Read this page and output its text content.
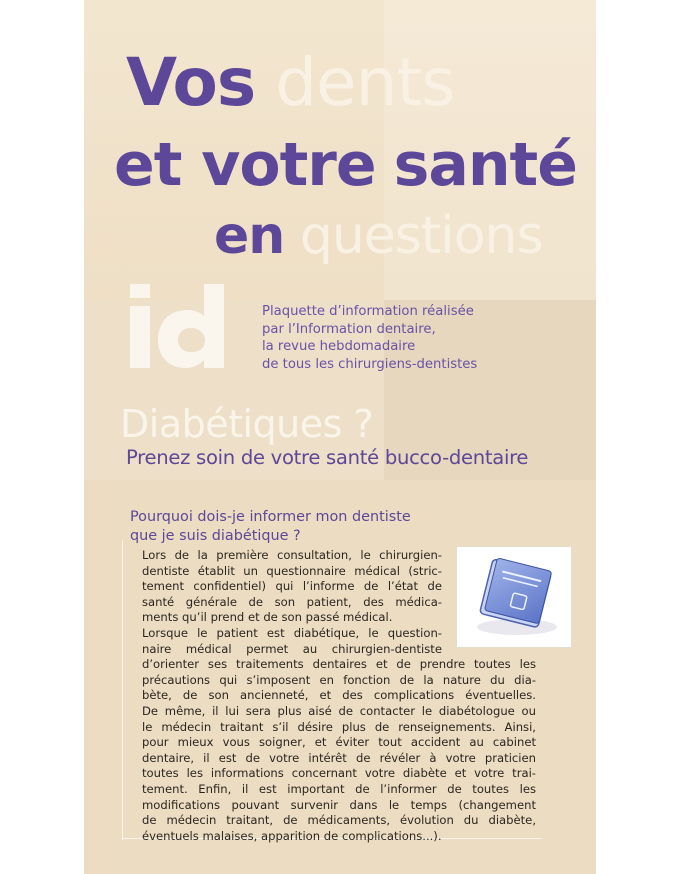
Vos dents
et votre santé
en questions
Plaquette d’information réalisée
par l’Information dentaire,
la revue hebdomadaire
de tous les chirurgiens-dentistes
Diabétiques ?
Prenez soin de votre santé bucco-dentaire
Pourquoi dois-je informer mon dentiste
que je suis diabétique ?
Lors de la première consultation, le chirurgien-
dentiste établit un questionnaire médical (stric-
tement confidentiel) qui l’informe de l’état de
santé générale de son patient, des médica-
ments qu’il prend et de son passé médical.
Lorsque le patient est diabétique, le question-
naire médical permet au chirurgien-dentiste
d’orienter ses traitements dentaires et de prendre toutes les
précautions qui s’imposent en fonction de la nature du dia-
bète, de son ancienneté, et des complications éventuelles.
De même, il lui sera plus aisé de contacter le diabétologue ou
le médecin traitant s’il désire plus de renseignements. Ainsi,
pour mieux vous soigner, et éviter tout accident au cabinet
dentaire, il est de votre intérêt de révéler à votre praticien
toutes les informations concernant votre diabète et votre trai-
tement. Enfin, il est important de l’informer de toutes les
modifications pouvant survenir dans le temps (changement
de médecin traitant, de médicaments, évolution du diabète,
éventuels malaises, apparition de complications...).
